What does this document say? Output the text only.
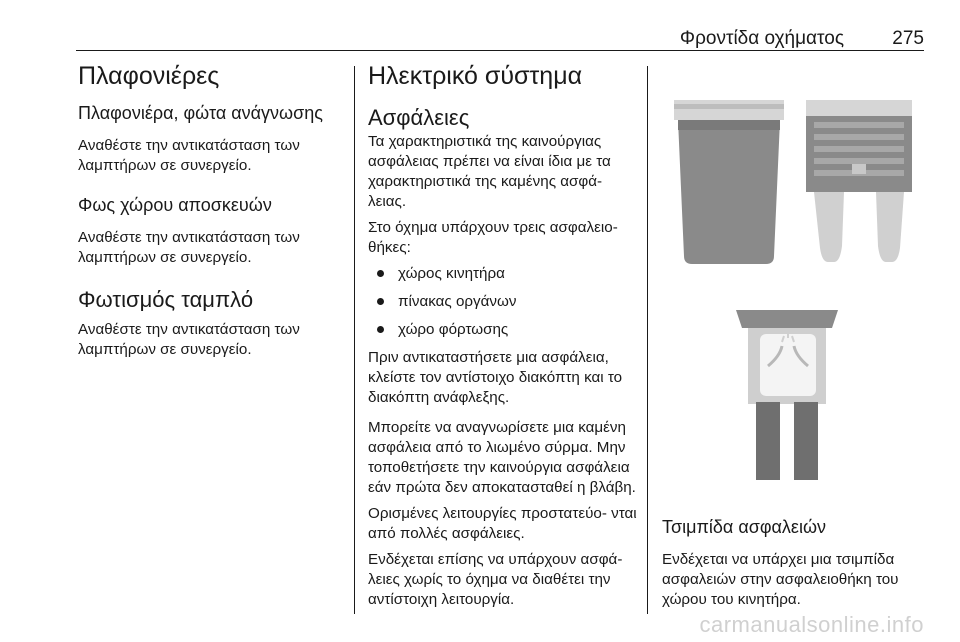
Φροντίδα οχήματος	275
Πλαφονιέρες
Πλαφονιέρα, φώτα ανάγνωσης

Αναθέστε την αντικατάσταση των λαμπτήρων σε συνεργείο.

Φως χώρου αποσκευών

Αναθέστε την αντικατάσταση των λαμπτήρων σε συνεργείο.

Φωτισμός ταμπλό

Αναθέστε την αντικατάσταση των λαμπτήρων σε συνεργείο.

Ηλεκτρικό σύστημα
Ασφάλειες

Τα χαρακτηριστικά της καινούργιας ασφάλειας πρέπει να είναι ίδια με τα χαρακτηριστικά της καμένης ασφά- λειας.

Στο όχημα υπάρχουν τρεις ασφαλειο- θήκες:

χώρος κινητήρα
πίνακας οργάνων
χώρο φόρτωσης

Πριν αντικαταστήσετε μια ασφάλεια, κλείστε τον αντίστοιχο διακόπτη και το διακόπτη ανάφλεξης.

Μπορείτε να αναγνωρίσετε μια καμένη ασφάλεια από το λιωμένο σύρμα. Μην τοποθετήσετε την καινούργια ασφάλεια εάν πρώτα δεν αποκατασταθεί η βλάβη.

Ορισμένες λειτουργίες προστατεύο- νται από πολλές ασφάλειες.

Ενδέχεται επίσης να υπάρχουν ασφά- λειες χωρίς το όχημα να διαθέτει την αντίστοιχη λειτουργία.

Τσιμπίδα ασφαλειών

Ενδέχεται να υπάρχει μια τσιμπίδα ασφαλειών στην ασφαλειοθήκη του χώρου του κινητήρα.

carmanualsonline.info
